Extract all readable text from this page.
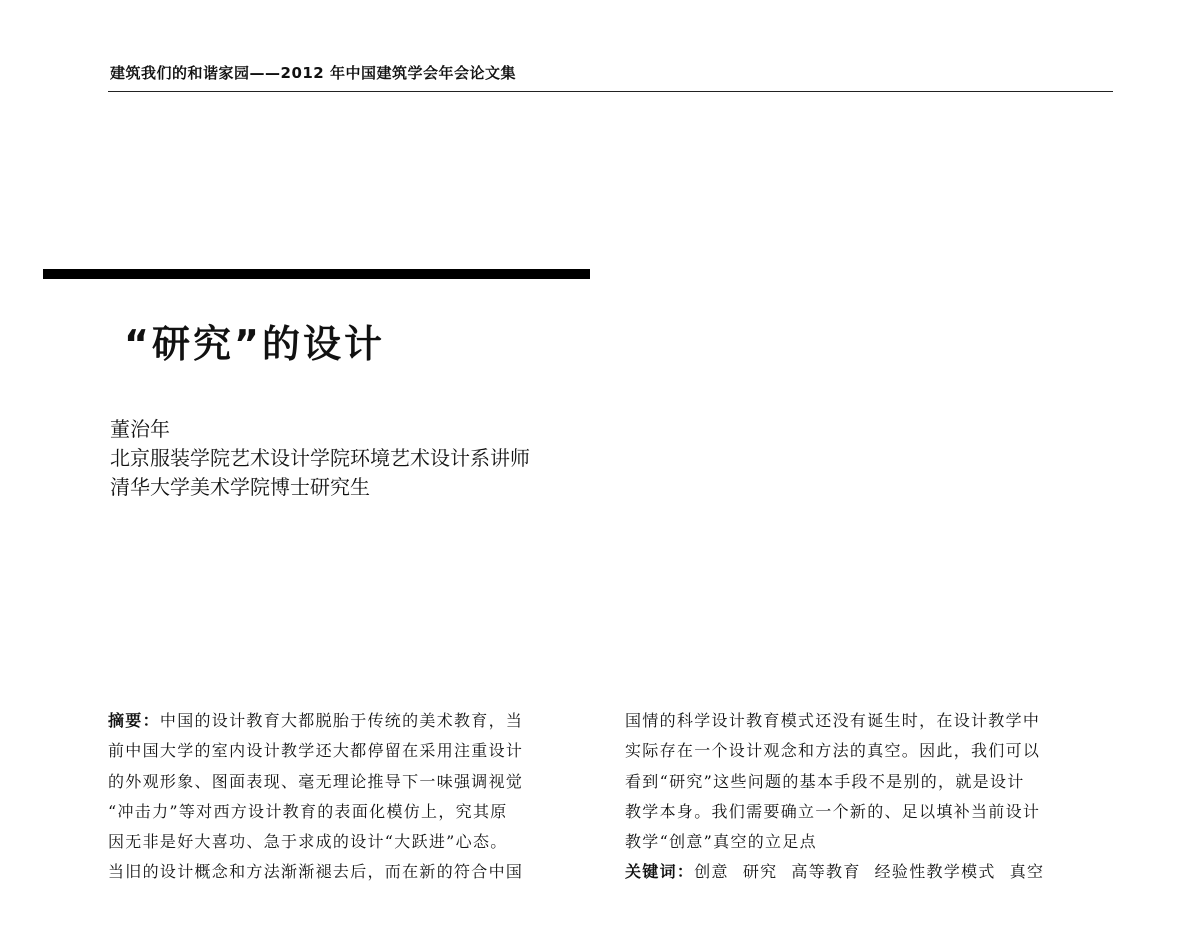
建筑我们的和谐家园——2012 年中国建筑学会年会论文集
“研究”的设计
董治年
北京服装学院艺术设计学院环境艺术设计系讲师
清华大学美术学院博士研究生
摘要：中国的设计教育大都脱胎于传统的美术教育，当
前中国大学的室内设计教学还大都停留在采用注重设计
的外观形象、图面表现、毫无理论推导下一味强调视觉
“冲击力”等对西方设计教育的表面化模仿上，究其原
因无非是好大喜功、急于求成的设计“大跃进”心态。
当旧的设计概念和方法渐渐褪去后，而在新的符合中国
国情的科学设计教育模式还没有诞生时，在设计教学中
实际存在一个设计观念和方法的真空。因此，我们可以
看到“研究”这些问题的基本手段不是别的，就是设计
教学本身。我们需要确立一个新的、足以填补当前设计
教学“创意”真空的立足点
关键词：创意 研究 高等教育 经验性教学模式 真空
